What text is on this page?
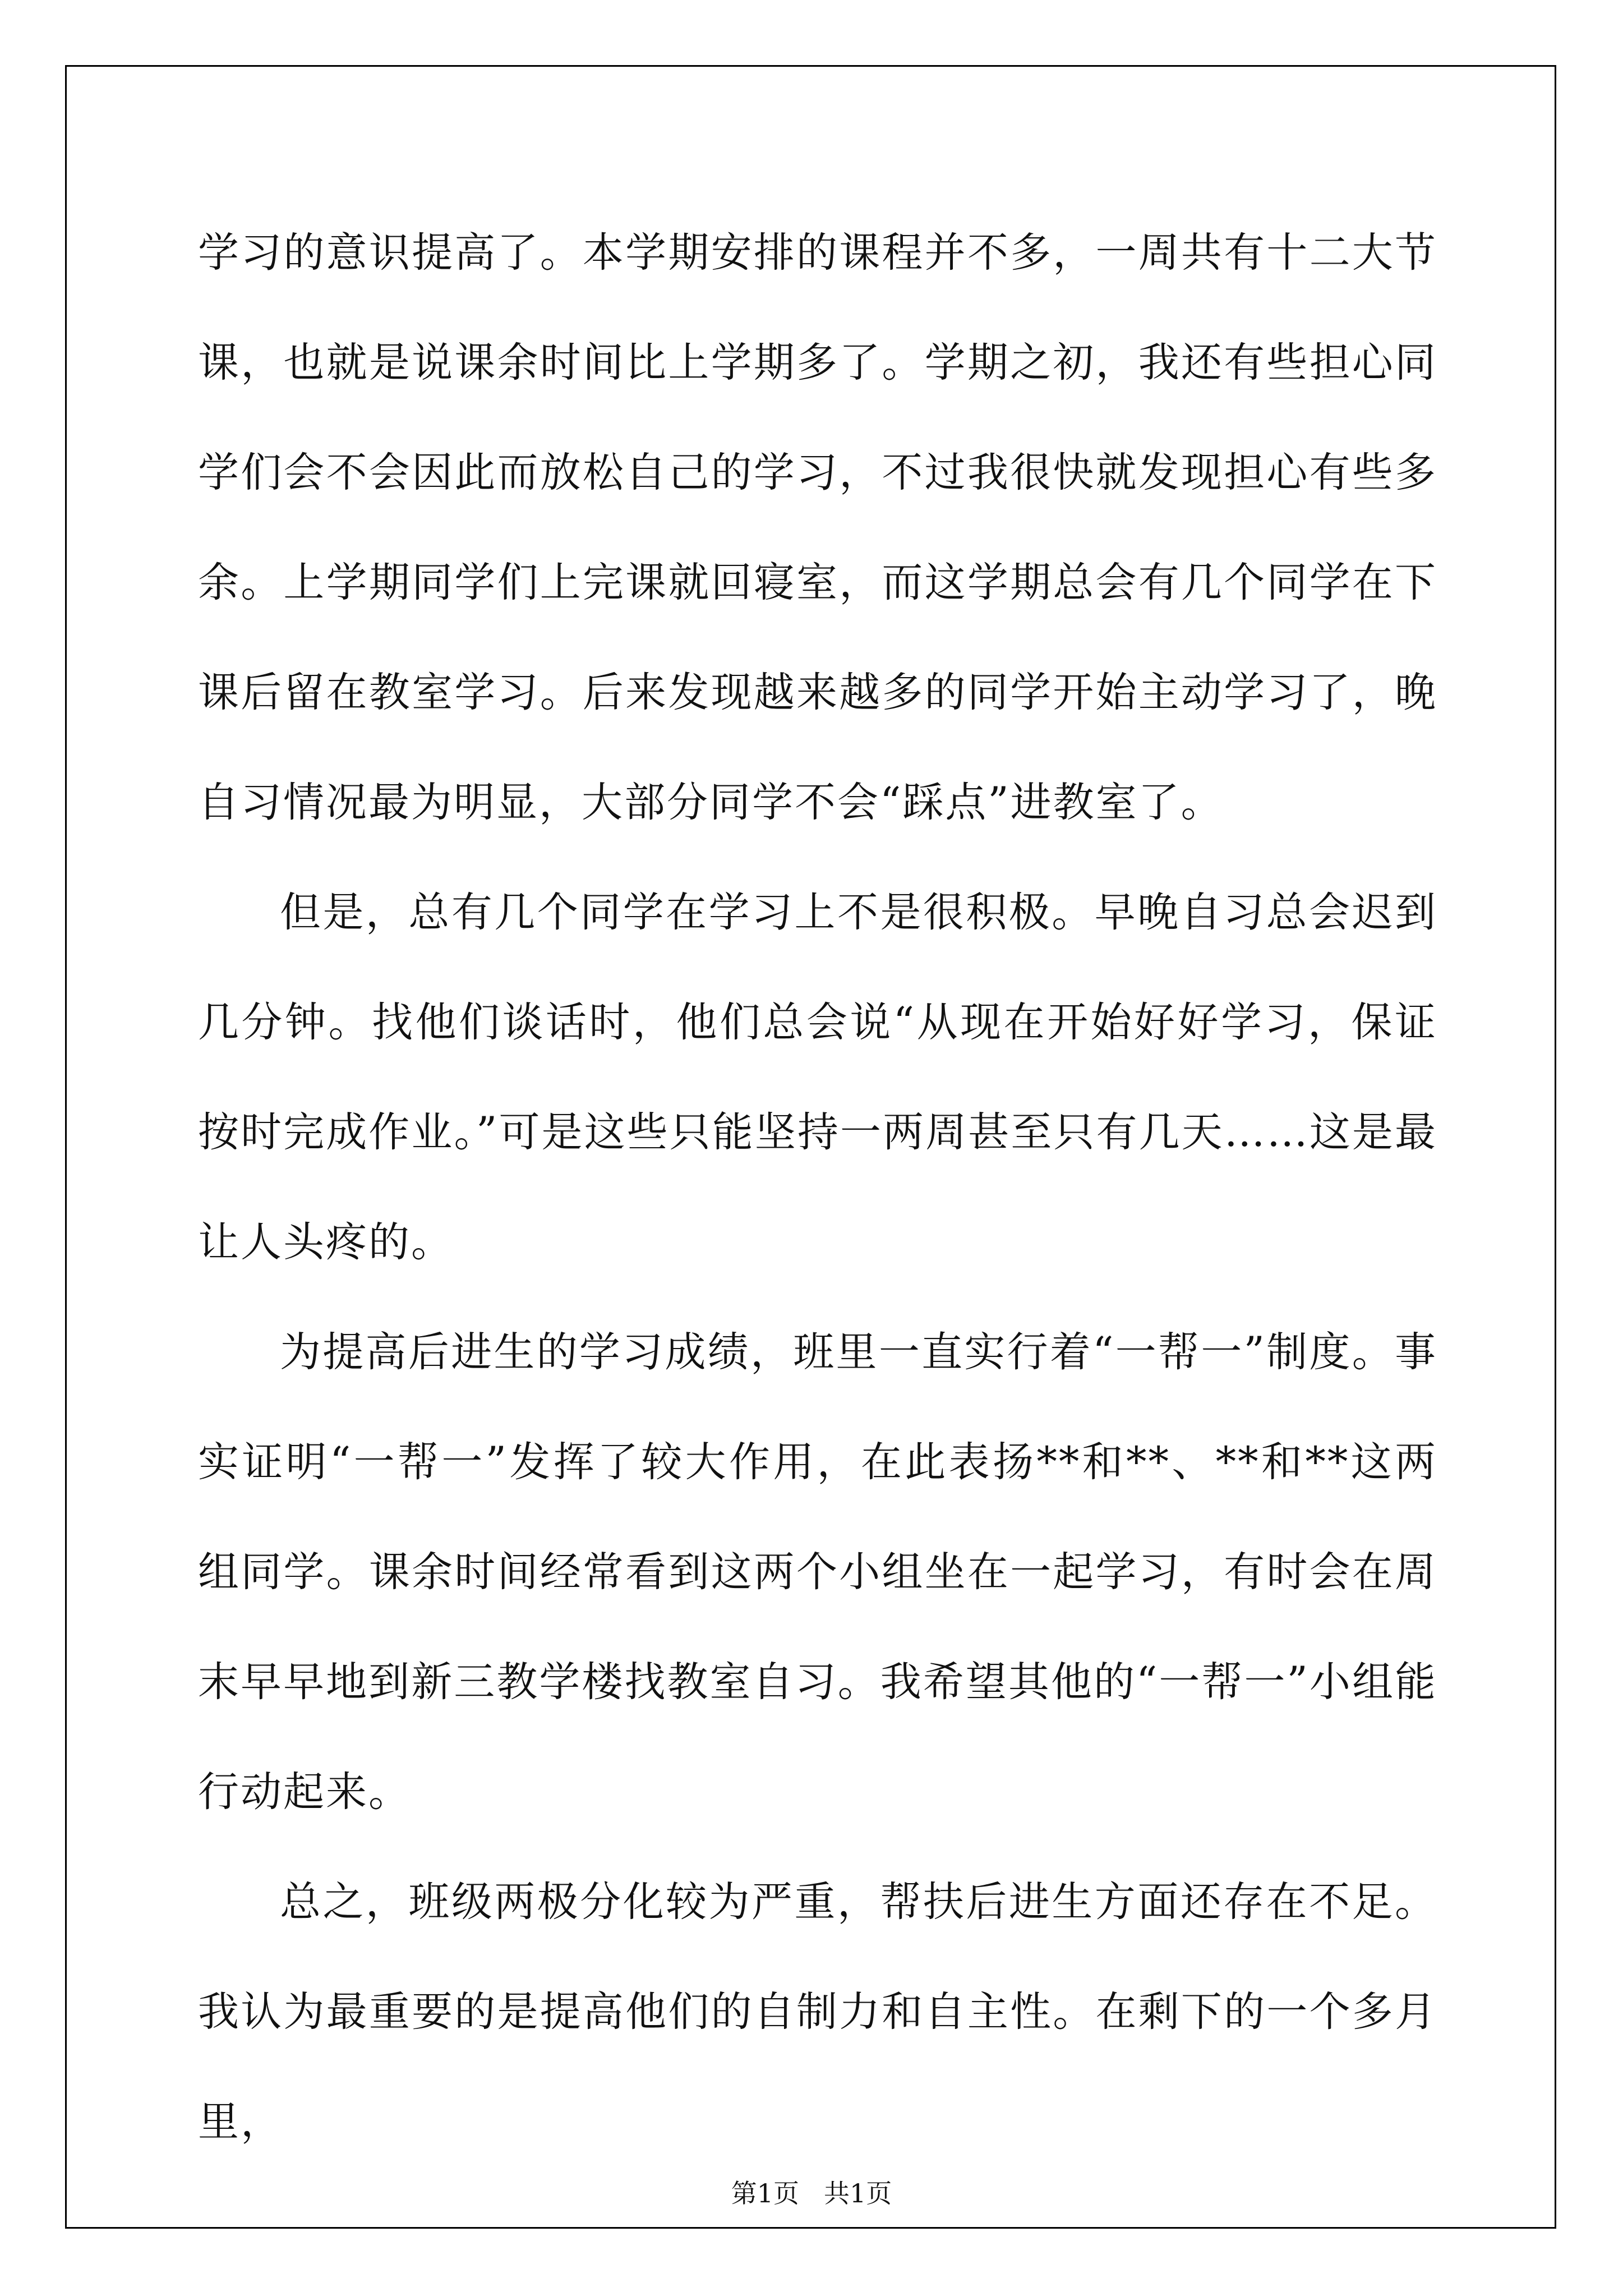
学习的意识提高了。本学期安排的课程并不多，一周共有十二大节课，也就是说课余时间比上学期多了。学期之初，我还有些担心同学们会不会因此而放松自己的学习，不过我很快就发现担心有些多余。上学期同学们上完课就回寝室，而这学期总会有几个同学在下课后留在教室学习。后来发现越来越多的同学开始主动学习了，晚自习情况最为明显，大部分同学不会“踩点”进教室了。

但是，总有几个同学在学习上不是很积极。早晚自习总会迟到几分钟。找他们谈话时，他们总会说“从现在开始好好学习，保证按时完成作业。”可是这些只能坚持一两周甚至只有几天……这是最让人头疼的。

为提高后进生的学习成绩，班里一直实行着“一帮一”制度。事实证明“一帮一”发挥了较大作用，在此表扬**和**、**和**这两组同学。课余时间经常看到这两个小组坐在一起学习，有时会在周末早早地到新三教学楼找教室自习。我希望其他的“一帮一”小组能行动起来。

总之，班级两极分化较为严重，帮扶后进生方面还存在不足。我认为最重要的是提高他们的自制力和自主性。在剩下的一个多月里，

第1页 共1页
